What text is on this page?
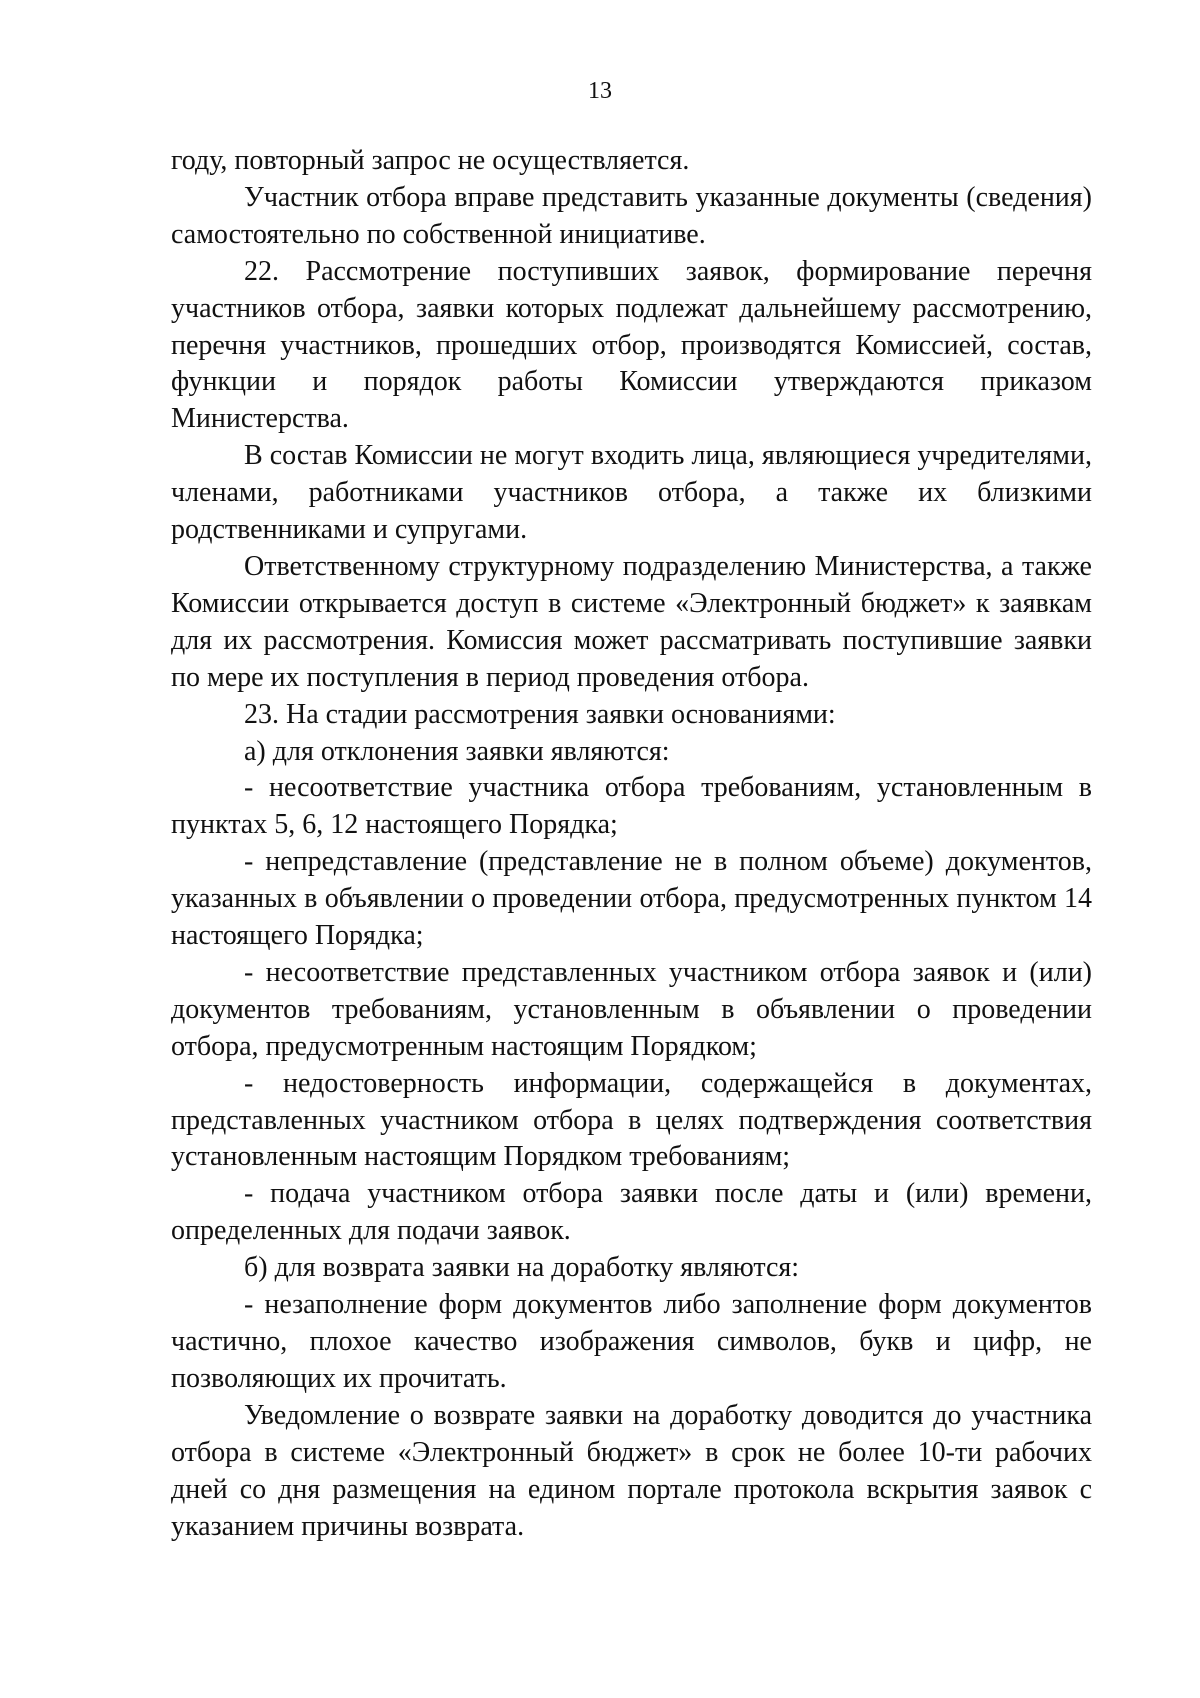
13

году, повторный запрос не осуществляется.

Участник отбора вправе представить указанные документы (сведения) самостоятельно по собственной инициативе.

22. Рассмотрение поступивших заявок, формирование перечня участников отбора, заявки которых подлежат дальнейшему рассмотрению, перечня участников, прошедших отбор, производятся Комиссией, состав, функции и порядок работы Комиссии утверждаются приказом Министерства.

В состав Комиссии не могут входить лица, являющиеся учредителями, членами, работниками участников отбора, а также их близкими родственниками и супругами.

Ответственному структурному подразделению Министерства, а также Комиссии открывается доступ в системе «Электронный бюджет» к заявкам для их рассмотрения. Комиссия может рассматривать поступившие заявки по мере их поступления в период проведения отбора.

23. На стадии рассмотрения заявки основаниями:

а) для отклонения заявки являются:

- несоответствие участника отбора требованиям, установленным в пунктах 5, 6, 12 настоящего Порядка;

- непредставление (представление не в полном объеме) документов, указанных в объявлении о проведении отбора, предусмотренных пунктом 14 настоящего Порядка;

- несоответствие представленных участником отбора заявок и (или) документов требованиям, установленным в объявлении о проведении отбора, предусмотренным настоящим Порядком;

- недостоверность информации, содержащейся в документах, представленных участником отбора в целях подтверждения соответствия установленным настоящим Порядком требованиям;

- подача участником отбора заявки после даты и (или) времени, определенных для подачи заявок.

б) для возврата заявки на доработку являются:

- незаполнение форм документов либо заполнение форм документов частично, плохое качество изображения символов, букв и цифр, не позволяющих их прочитать.

Уведомление о возврате заявки на доработку доводится до участника отбора в системе «Электронный бюджет» в срок не более 10-ти рабочих дней со дня размещения на едином портале протокола вскрытия заявок с указанием причины возврата.
